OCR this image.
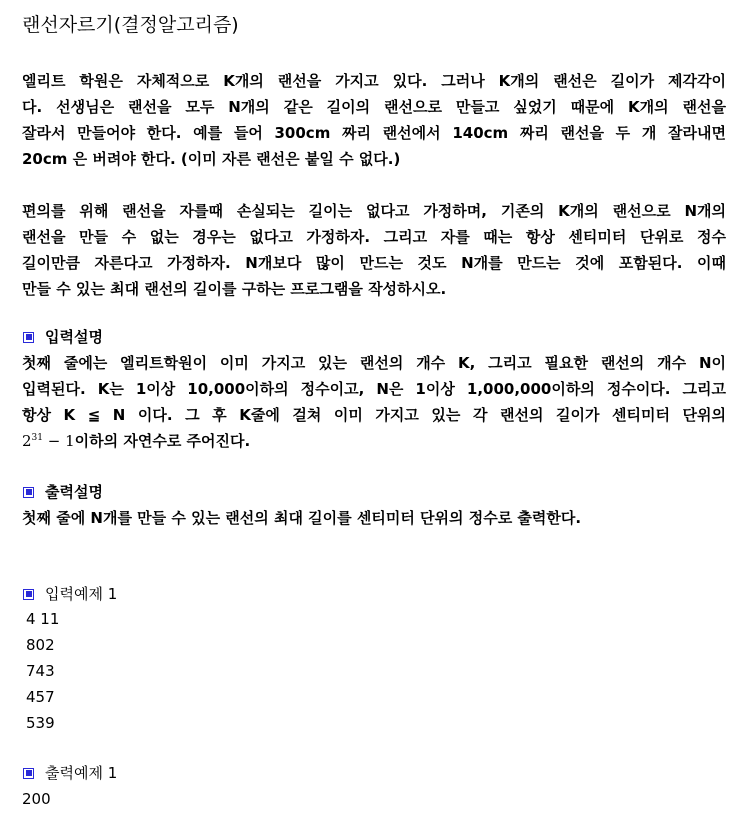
랜선자르기(결정알고리즘)
엘리트 학원은 자체적으로 K개의 랜선을 가지고 있다. 그러나 K개의 랜선은 길이가 제각각이
다. 선생님은 랜선을 모두 N개의 같은 길이의 랜선으로 만들고 싶었기 때문에 K개의 랜선을
잘라서 만들어야 한다. 예를 들어 300cm 짜리 랜선에서 140cm 짜리 랜선을 두 개 잘라내면
20cm 은 버려야 한다. (이미 자른 랜선은 붙일 수 없다.)
편의를 위해 랜선을 자를때 손실되는 길이는 없다고 가정하며, 기존의 K개의 랜선으로 N개의
랜선을 만들 수 없는 경우는 없다고 가정하자. 그리고 자를 때는 항상 센티미터 단위로 정수
길이만큼 자른다고 가정하자. N개보다 많이 만드는 것도 N개를 만드는 것에 포함된다. 이때
만들 수 있는 최대 랜선의 길이를 구하는 프로그램을 작성하시오.
입력설명
첫째 줄에는 엘리트학원이 이미 가지고 있는 랜선의 개수 K, 그리고 필요한 랜선의 개수 N이
입력된다. K는 1이상 10,000이하의 정수이고, N은 1이상 1,000,000이하의 정수이다. 그리고
항상 K ≦ N 이다. 그 후 K줄에 걸쳐 이미 가지고 있는 각 랜선의 길이가 센티미터 단위의
$2^{31} - 1$이하의 자연수로 주어진다.
출력설명
첫째 줄에 N개를 만들 수 있는 랜선의 최대 길이를 센티미터 단위의 정수로 출력한다.
입력예제 1
4 11
802
743
457
539
출력예제 1
200
